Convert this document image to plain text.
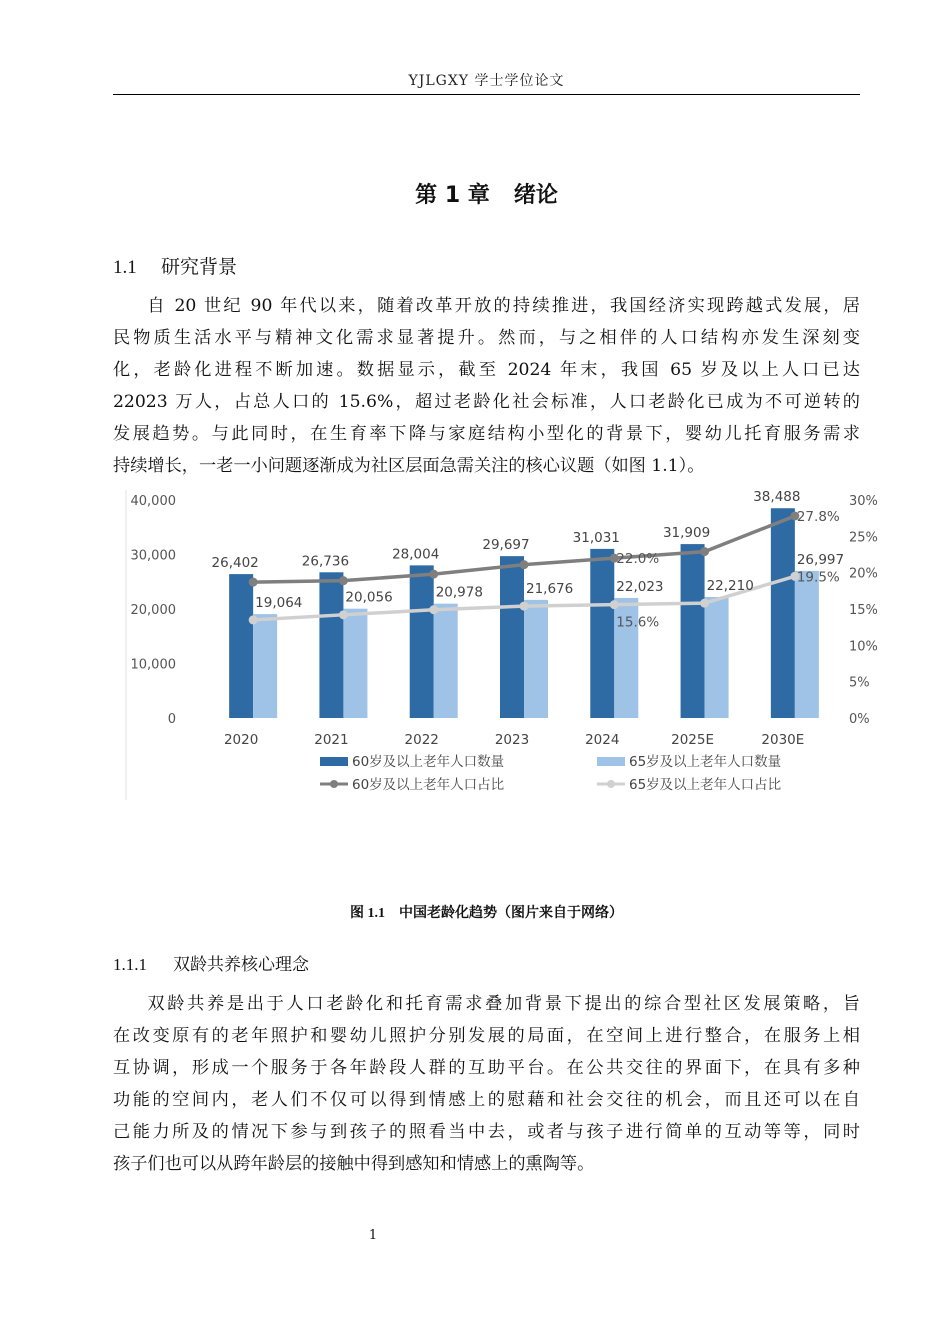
YJLGXY 学士学位论文
第 1 章 绪论
1.1 研究背景
自 20 世纪 90 年代以来，随着改革开放的持续推进，我国经济实现跨越式发展，居
民物质生活水平与精神文化需求显著提升。然而，与之相伴的人口结构亦发生深刻变
化，老龄化进程不断加速。数据显示，截至 2024 年末，我国 65 岁及以上人口已达
22023 万人，占总人口的 15.6%，超过老龄化社会标准，人口老龄化已成为不可逆转的
发展趋势。与此同时，在生育率下降与家庭结构小型化的背景下，婴幼儿托育服务需求
持续增长，一老一小问题逐渐成为社区层面急需关注的核心议题（如图 1.1）。
0
10,000
20,000
30,000
40,000
0%
5%
10%
15%
20%
25%
30%
26,402	26,736	28,004
29,697	31,031	31,909
38,488
19,064	20,056	20,978	21,676	22,023	22,210
26,997
22.0%
27.8%
15.6%
19.5%
2020	2021	2022	2023	2024	2025E	2030E
60岁及以上老年人口数量	65岁及以上老年人口数量
60岁及以上老年人口占比	65岁及以上老年人口占比
图 1.1 中国老龄化趋势（图片来自于网络）
1.1.1 双龄共养核心理念
双龄共养是出于人口老龄化和托育需求叠加背景下提出的综合型社区发展策略，旨
在改变原有的老年照护和婴幼儿照护分别发展的局面，在空间上进行整合，在服务上相
互协调，形成一个服务于各年龄段人群的互助平台。在公共交往的界面下，在具有多种
功能的空间内，老人们不仅可以得到情感上的慰藉和社会交往的机会，而且还可以在自
己能力所及的情况下参与到孩子的照看当中去，或者与孩子进行简单的互动等等，同时
孩子们也可以从跨年龄层的接触中得到感知和情感上的熏陶等。
1
